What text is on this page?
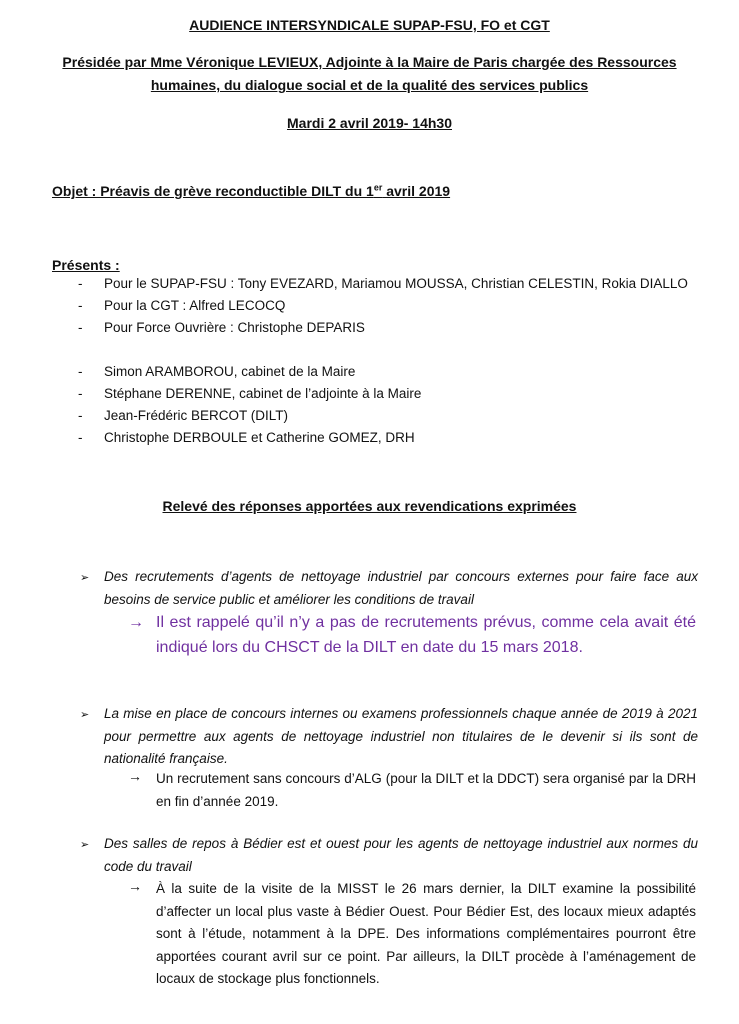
AUDIENCE INTERSYNDICALE SUPAP-FSU, FO et CGT
Présidée par Mme Véronique LEVIEUX, Adjointe à la Maire de Paris chargée des Ressources
humaines, du dialogue social et de la qualité des services publics
Mardi 2 avril 2019- 14h30
Objet : Préavis de grève reconductible DILT du 1er avril 2019
Présents :
- Pour le SUPAP-FSU : Tony EVEZARD, Mariamou MOUSSA, Christian CELESTIN, Rokia DIALLO
- Pour la CGT : Alfred LECOCQ
- Pour Force Ouvrière : Christophe DEPARIS
- Simon ARAMBOROU, cabinet de la Maire
- Stéphane DERENNE, cabinet de l’adjointe à la Maire
- Jean-Frédéric BERCOT (DILT)
- Christophe DERBOULE et Catherine GOMEZ, DRH
Relevé des réponses apportées aux revendications exprimées
➢ Des recrutements d’agents de nettoyage industriel par concours externes pour faire face aux besoins de service public et améliorer les conditions de travail
→ Il est rappelé qu’il n’y a pas de recrutements prévus, comme cela avait été indiqué lors du CHSCT de la DILT en date du 15 mars 2018.
➢ La mise en place de concours internes ou examens professionnels chaque année de 2019 à 2021 pour permettre aux agents de nettoyage industriel non titulaires de le devenir si ils sont de nationalité française.
→ Un recrutement sans concours d’ALG (pour la DILT et la DDCT) sera organisé par la DRH en fin d’année 2019.
➢ Des salles de repos à Bédier est et ouest pour les agents de nettoyage industriel aux normes du code du travail
→ À la suite de la visite de la MISST le 26 mars dernier, la DILT examine la possibilité d’affecter un local plus vaste à Bédier Ouest. Pour Bédier Est, des locaux mieux adaptés sont à l’étude, notamment à la DPE. Des informations complémentaires pourront être apportées courant avril sur ce point. Par ailleurs, la DILT procède à l’aménagement de locaux de stockage plus fonctionnels.
